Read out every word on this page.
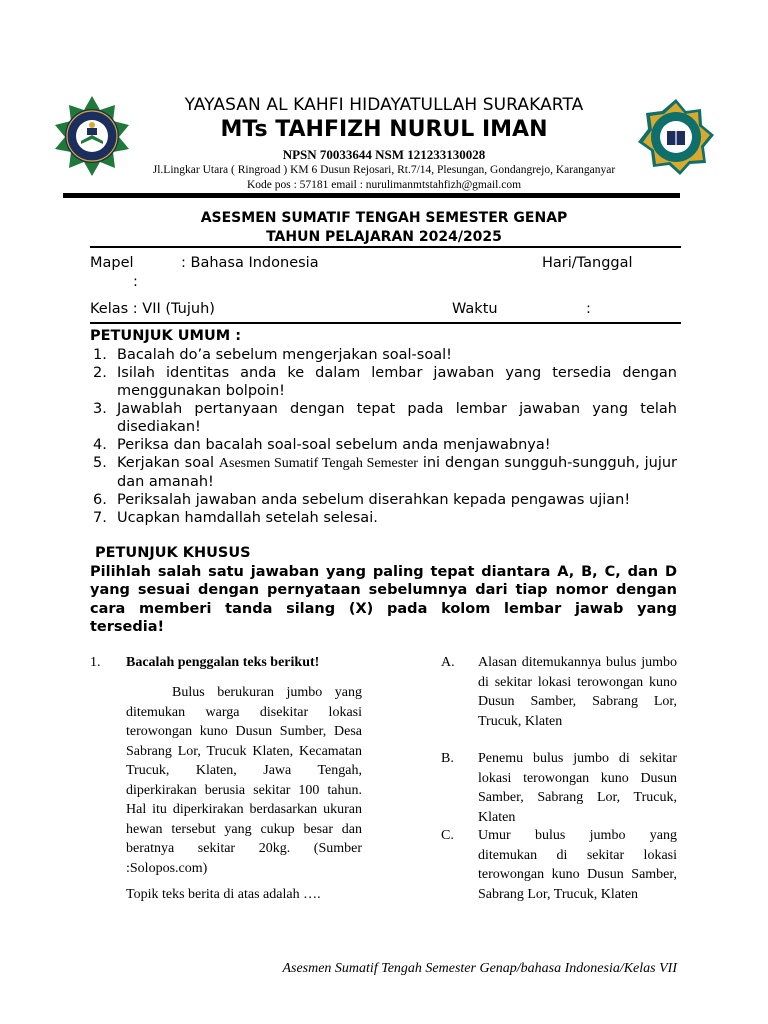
YAYASAN AL KAHFI HIDAYATULLAH SURAKARTA
MTs TAHFIZH NURUL IMAN
NPSN 70033644 NSM 121233130028
Jl.Lingkar Utara ( Ringroad ) KM 6 Dusun Rejosari, Rt.7/14, Plesungan, Gondangrejo, Karanganyar
Kode pos : 57181 email : nurulimanmtstahfizh@gmail.com
ASESMEN SUMATIF TENGAH SEMESTER GENAP
TAHUN PELAJARAN 2024/2025
Mapel	: Bahasa Indonesia	Hari/Tanggal
:
Kelas : VII (Tujuh)	Waktu	:
PETUNJUK UMUM :
1. Bacalah do’a sebelum mengerjakan soal-soal!
2. Isilah identitas anda ke dalam lembar jawaban yang tersedia dengan menggunakan bolpoin!
3. Jawablah pertanyaan dengan tepat pada lembar jawaban yang telah disediakan!
4. Periksa dan bacalah soal-soal sebelum anda menjawabnya!
5. Kerjakan soal Asesmen Sumatif Tengah Semester ini dengan sungguh-sungguh, jujur dan amanah!
6. Periksalah jawaban anda sebelum diserahkan kepada pengawas ujian!
7. Ucapkan hamdallah setelah selesai.
PETUNJUK KHUSUS
Pilihlah salah satu jawaban yang paling tepat diantara A, B, C, dan D yang sesuai dengan pernyataan sebelumnya dari tiap nomor dengan cara memberi tanda silang (X) pada kolom lembar jawab yang tersedia!
1. Bacalah penggalan teks berikut!
Bulus berukuran jumbo yang ditemukan warga disekitar lokasi terowongan kuno Dusun Sumber, Desa Sabrang Lor, Trucuk Klaten, Kecamatan Trucuk, Klaten, Jawa Tengah, diperkirakan berusia sekitar 100 tahun. Hal itu diperkirakan berdasarkan ukuran hewan tersebut yang cukup besar dan beratnya sekitar 20kg. (Sumber :Solopos.com)
Topik teks berita di atas adalah ….
A. Alasan ditemukannya bulus jumbo di sekitar lokasi terowongan kuno Dusun Samber, Sabrang Lor, Trucuk, Klaten
B. Penemu bulus jumbo di sekitar lokasi terowongan kuno Dusun Samber, Sabrang Lor, Trucuk, Klaten
C. Umur bulus jumbo yang ditemukan di sekitar lokasi terowongan kuno Dusun Samber, Sabrang Lor, Trucuk, Klaten
Asesmen Sumatif Tengah Semester Genap/bahasa Indonesia/Kelas VII
